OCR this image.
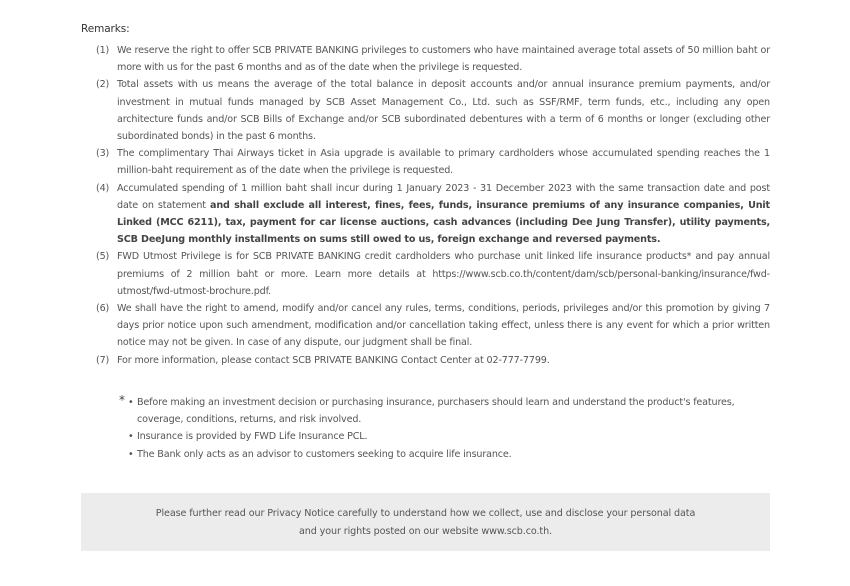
Remarks:
(1) We reserve the right to offer SCB PRIVATE BANKING privileges to customers who have maintained average total assets of 50 million baht or more with us for the past 6 months and as of the date when the privilege is requested.
(2) Total assets with us means the average of the total balance in deposit accounts and/or annual insurance premium payments, and/or investment in mutual funds managed by SCB Asset Management Co., Ltd. such as SSF/RMF, term funds, etc., including any open architecture funds and/or SCB Bills of Exchange and/or SCB subordinated debentures with a term of 6 months or longer (excluding other subordinated bonds) in the past 6 months.
(3) The complimentary Thai Airways ticket in Asia upgrade is available to primary cardholders whose accumulated spending reaches the 1 million-baht requirement as of the date when the privilege is requested.
(4) Accumulated spending of 1 million baht shall incur during 1 January 2023 - 31 December 2023 with the same transaction date and post date on statement and shall exclude all interest, fines, fees, funds, insurance premiums of any insurance companies, Unit Linked (MCC 6211), tax, payment for car license auctions, cash advances (including Dee Jung Transfer), utility payments, SCB DeeJung monthly installments on sums still owed to us, foreign exchange and reversed payments.
(5) FWD Utmost Privilege is for SCB PRIVATE BANKING credit cardholders who purchase unit linked life insurance products* and pay annual premiums of 2 million baht or more. Learn more details at https://www.scb.co.th/content/dam/scb/personal-banking/insurance/fwd-utmost/fwd-utmost-brochure.pdf.
(6) We shall have the right to amend, modify and/or cancel any rules, terms, conditions, periods, privileges and/or this promotion by giving 7 days prior notice upon such amendment, modification and/or cancellation taking effect, unless there is any event for which a prior written notice may not be given. In case of any dispute, our judgment shall be final.
(7) For more information, please contact SCB PRIVATE BANKING Contact Center at 02-777-7799.
* • Before making an investment decision or purchasing insurance, purchasers should learn and understand the product's features, coverage, conditions, returns, and risk involved.
• Insurance is provided by FWD Life Insurance PCL.
• The Bank only acts as an advisor to customers seeking to acquire life insurance.
Please further read our Privacy Notice carefully to understand how we collect, use and disclose your personal data
and your rights posted on our website www.scb.co.th.
